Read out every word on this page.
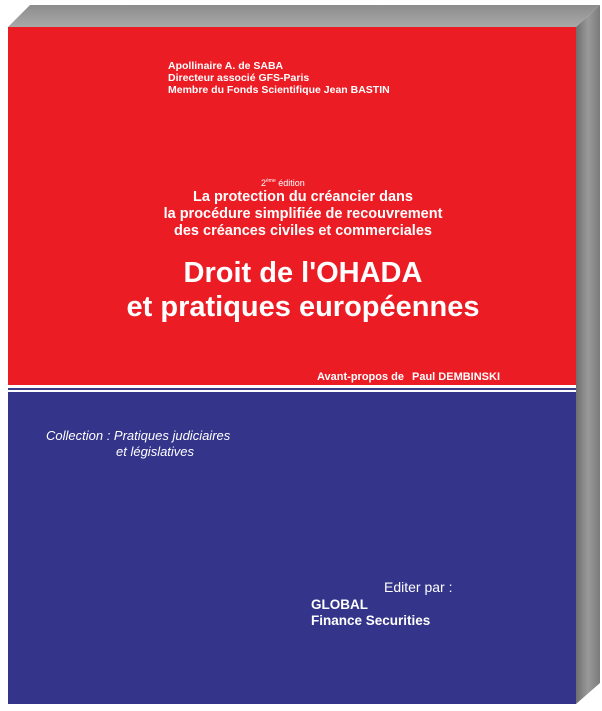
Apollinaire A. de SABA
Directeur associé GFS-Paris
Membre du Fonds Scientifique Jean BASTIN
2ème édition
La protection du créancier dans
la procédure simplifiée de recouvrement
des créances civiles et commerciales
Droit de l'OHADA
et pratiques européennes
Avant-propos de Paul DEMBINSKI
Collection : Pratiques judiciaires
et législatives
Editer par :
GLOBAL
Finance Securities
